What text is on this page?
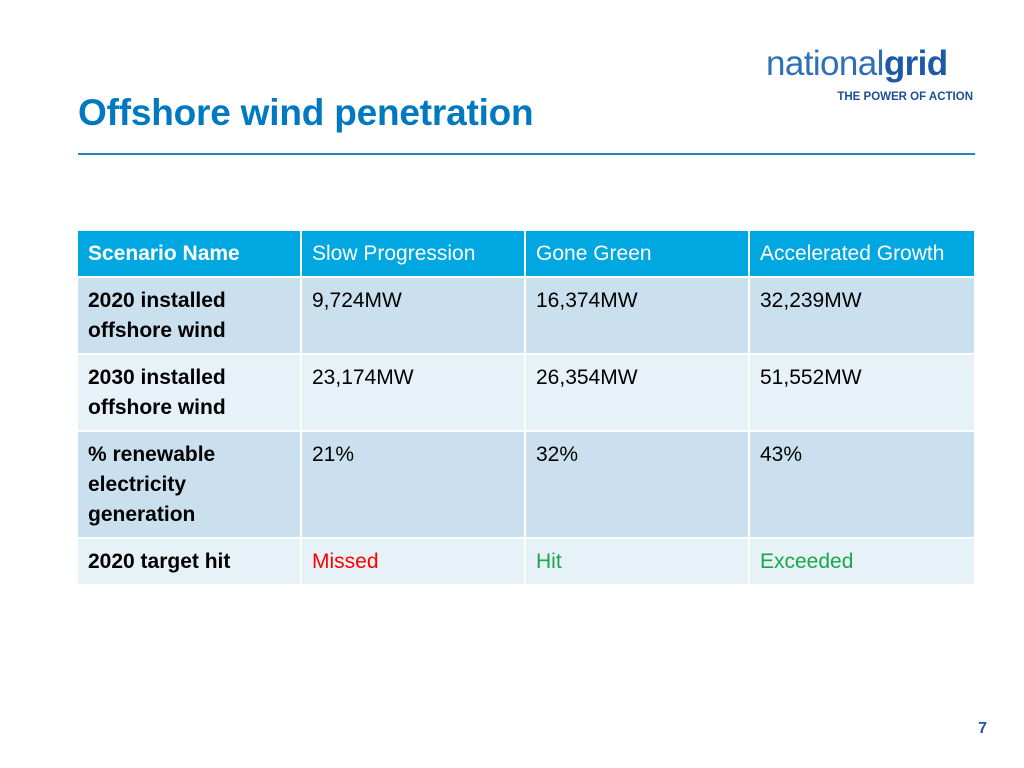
nationalgrid
THE POWER OF ACTION
Offshore wind penetration
Scenario Name	Slow Progression	Gone Green	Accelerated Growth
2020 installed offshore wind	9,724MW	16,374MW	32,239MW
2030 installed offshore wind	23,174MW	26,354MW	51,552MW
% renewable electricity generation	21%	32%	43%
2020 target hit	Missed	Hit	Exceeded
7
